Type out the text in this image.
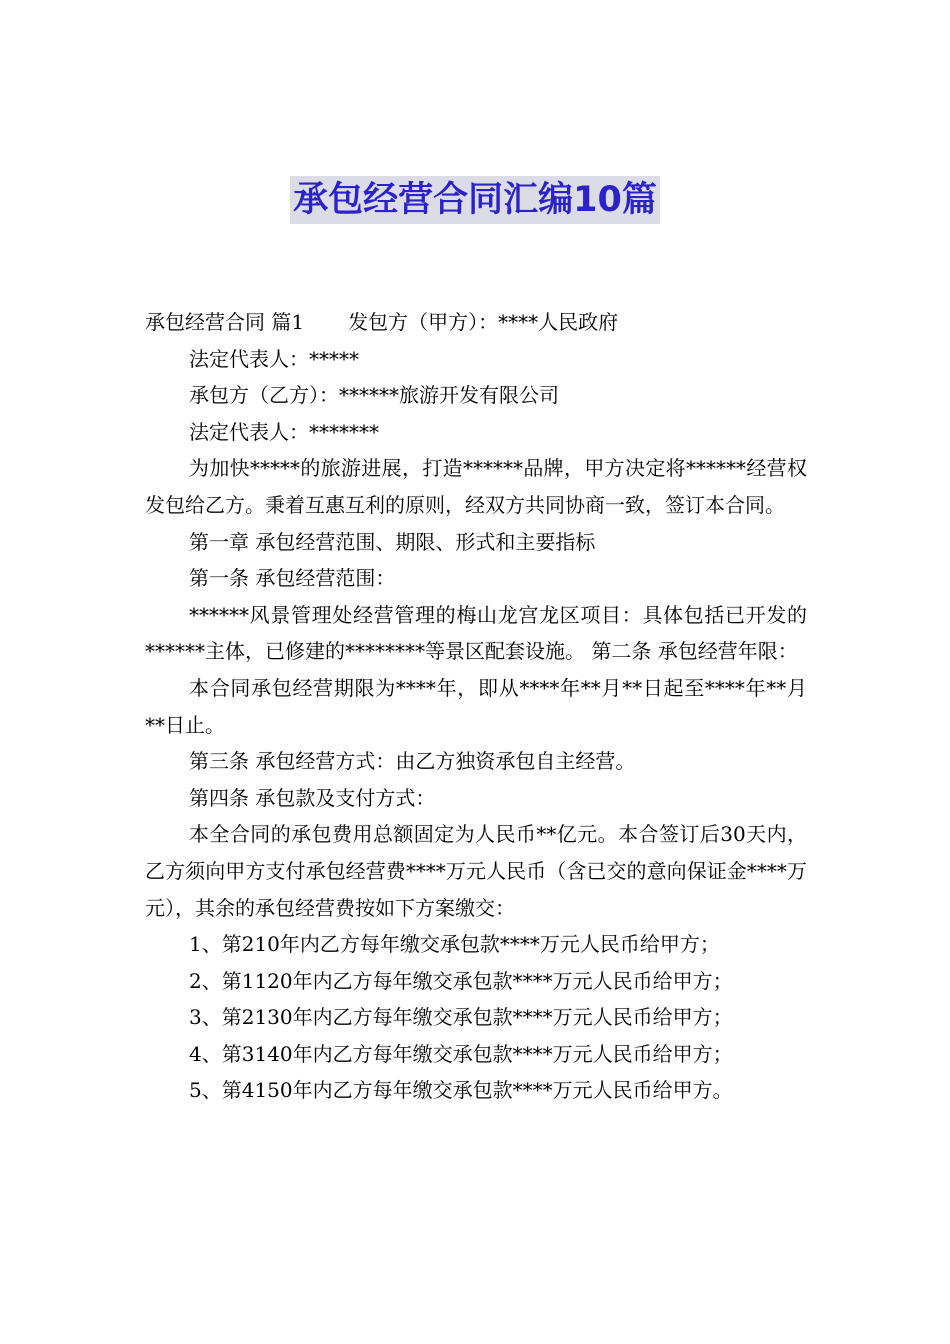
承包经营合同汇编10篇

承包经营合同 篇1 发包方（甲方）：****人民政府

法定代表人：*****

承包方（乙方）：******旅游开发有限公司

法定代表人：*******

为加快*****的旅游进展，打造******品牌，甲方决定将******经营权发包给乙方。秉着互惠互利的原则，经双方共同协商一致，签订本合同。

第一章 承包经营范围、期限、形式和主要指标

第一条 承包经营范围：

******风景管理处经营管理的梅山龙宫龙区项目：具体包括已开发的******主体，已修建的********等景区配套设施。 第二条 承包经营年限：

本合同承包经营期限为****年，即从****年**月**日起至****年**月**日止。

第三条 承包经营方式：由乙方独资承包自主经营。

第四条 承包款及支付方式：

本全合同的承包费用总额固定为人民币**亿元。本合签订后30天内，乙方须向甲方支付承包经营费****万元人民币（含已交的意向保证金****万元），其余的承包经营费按如下方案缴交：

1、第210年内乙方每年缴交承包款****万元人民币给甲方；

2、第1120年内乙方每年缴交承包款****万元人民币给甲方；

3、第2130年内乙方每年缴交承包款****万元人民币给甲方；

4、第3140年内乙方每年缴交承包款****万元人民币给甲方；

5、第4150年内乙方每年缴交承包款****万元人民币给甲方。
